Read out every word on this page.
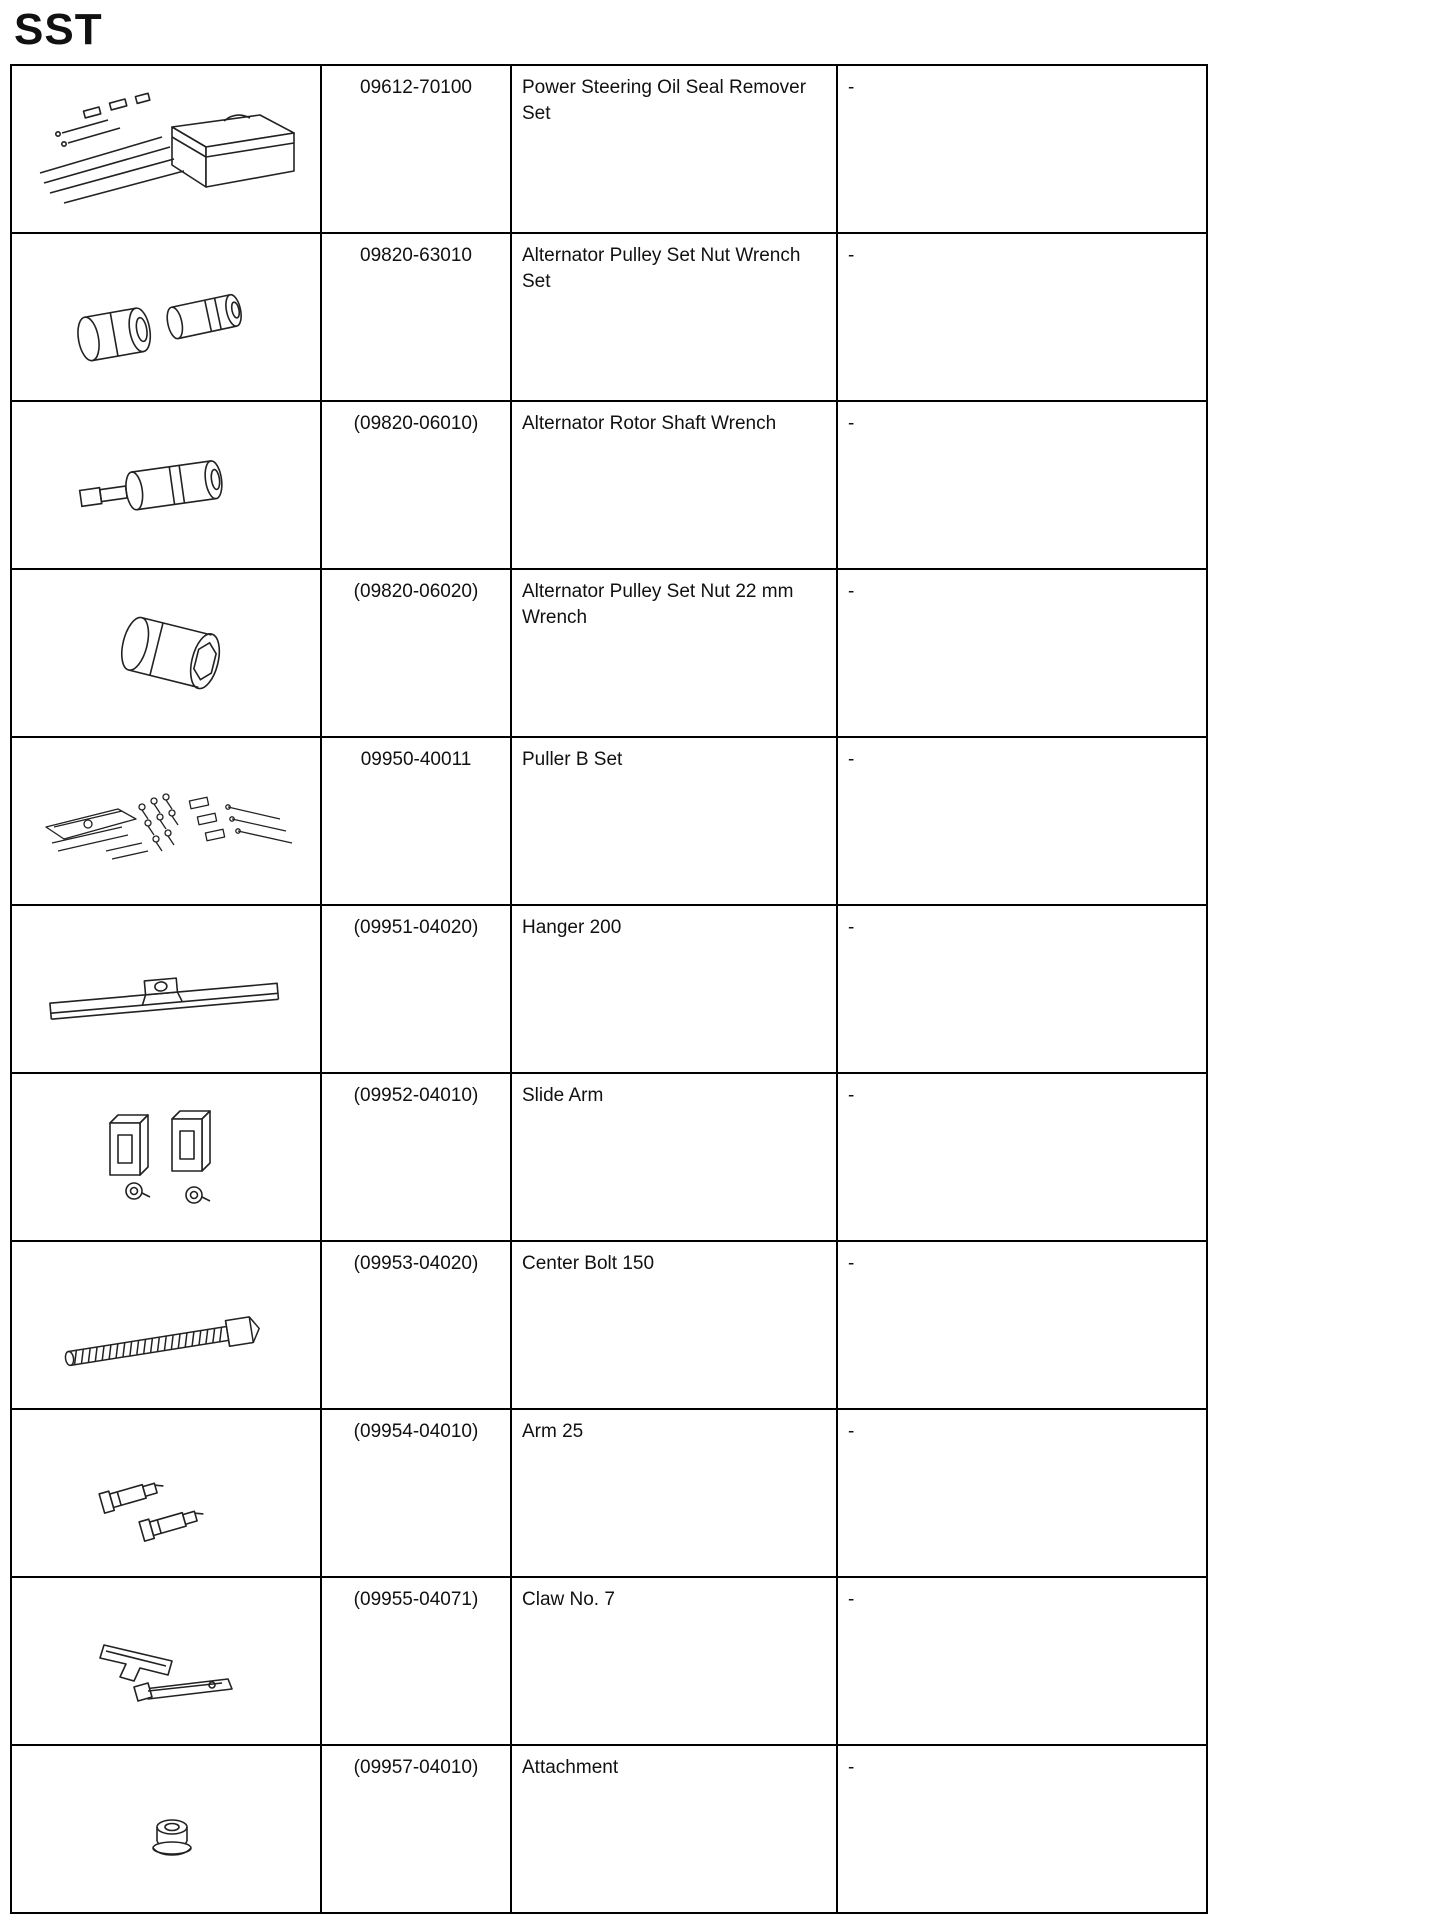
SST
	09612-70100	Power Steering Oil Seal Remover Set	-

	09820-63010	Alternator Pulley Set Nut Wrench Set	-

	(09820-06010)	Alternator Rotor Shaft Wrench	-

	(09820-06020)	Alternator Pulley Set Nut 22 mm Wrench	-

	09950-40011	Puller B Set	-

	(09951-04020)	Hanger 200	-

	(09952-04010)	Slide Arm	-

	(09953-04020)	Center Bolt 150	-

	(09954-04010)	Arm 25	-

	(09955-04071)	Claw No. 7	-

	(09957-04010)	Attachment	-
